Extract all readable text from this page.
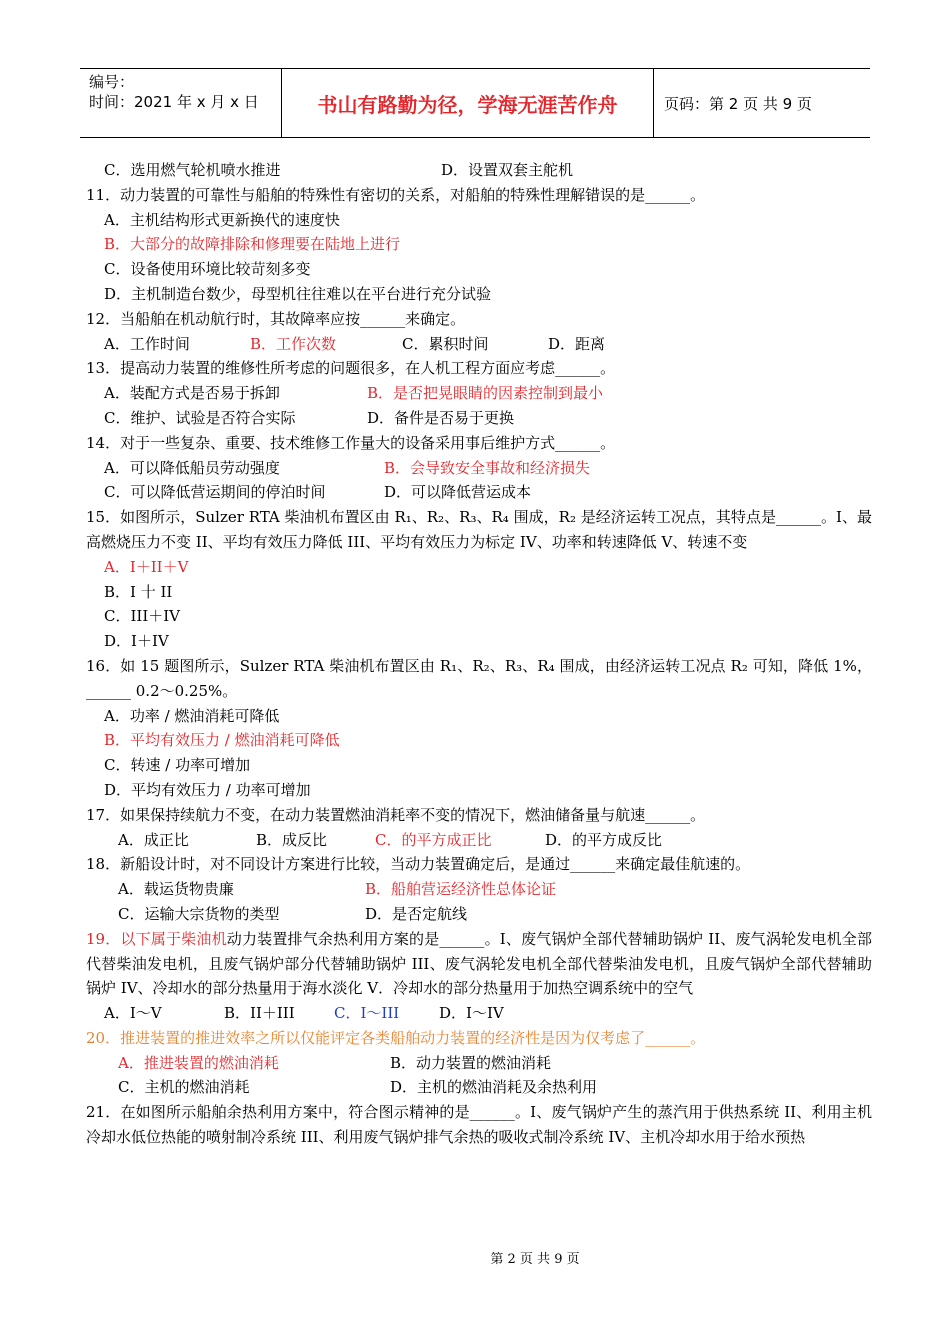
编号：
时间：2021 年 x 月 x 日	书山有路勤为径，学海无涯苦作舟	页码：第 2 页 共 9 页
C．选用燃气轮机喷水推进	D．设置双套主舵机
11．动力装置的可靠性与船舶的特殊性有密切的关系，对船舶的特殊性理解错误的是______。
A．主机结构形式更新换代的速度快
B．大部分的故障排除和修理要在陆地上进行
C．设备使用环境比较苛刻多变
D．主机制造台数少，母型机往往难以在平台进行充分试验
12．当船舶在机动航行时，其故障率应按______来确定。
A．工作时间	B．工作次数	C．累积时间	D．距离
13．提高动力装置的维修性所考虑的问题很多，在人机工程方面应考虑______。
A．装配方式是否易于拆卸	B．是否把晃眼睛的因素控制到最小
C．维护、试验是否符合实际	D．备件是否易于更换
14．对于一些复杂、重要、技术维修工作量大的设备采用事后维护方式______。
A．可以降低船员劳动强度	B．会导致安全事故和经济损失
C．可以降低营运期间的停泊时间	D．可以降低营运成本
15．如图所示，Sulzer RTA 柴油机布置区由 R₁、R₂、R₃、R₄ 围成，R₂ 是经济运转工况点，其特点是______。I、最高燃烧压力不变 II、平均有效压力降低 III、平均有效压力为标定 IV、功率和转速降低 V、转速不变
A．I＋II＋V
B．I 十 II
C．III＋IV
D．I＋IV
16．如 15 题图所示，Sulzer RTA 柴油机布置区由 R₁、R₂、R₃、R₄ 围成，由经济运转工况点 R₂ 可知，降低 1%，______ 0.2～0.25%。
A．功率 / 燃油消耗可降低
B．平均有效压力 / 燃油消耗可降低
C．转速 / 功率可增加
D．平均有效压力 / 功率可增加
17．如果保持续航力不变，在动力装置燃油消耗率不变的情况下，燃油储备量与航速______。
A．成正比	B．成反比	C．的平方成正比	D．的平方成反比
18．新船设计时，对不同设计方案进行比较，当动力装置确定后，是通过______来确定最佳航速的。
A．载运货物贵廉	B．船舶营运经济性总体论证
C．运输大宗货物的类型	D．是否定航线
19．以下属于柴油机动力装置排气余热利用方案的是______。I、废气锅炉全部代替辅助锅炉 II、废气涡轮发电机全部代替柴油发电机，且废气锅炉部分代替辅助锅炉 III、废气涡轮发电机全部代替柴油发电机，且废气锅炉全部代替辅助锅炉 IV、冷却水的部分热量用于海水淡化 V．冷却水的部分热量用于加热空调系统中的空气
A．I～V	B．II＋III	C．I～III	D．I～IV
20．推进装置的推进效率之所以仅能评定各类船舶动力装置的经济性是因为仅考虑了______。
A．推进装置的燃油消耗	B．动力装置的燃油消耗
C．主机的燃油消耗	D．主机的燃油消耗及余热利用
21．在如图所示船舶余热利用方案中，符合图示精神的是______。I、废气锅炉产生的蒸汽用于供热系统 II、利用主机冷却水低位热能的喷射制冷系统 III、利用废气锅炉排气余热的吸收式制冷系统 IV、主机冷却水用于给水预热
第 2 页 共 9 页
